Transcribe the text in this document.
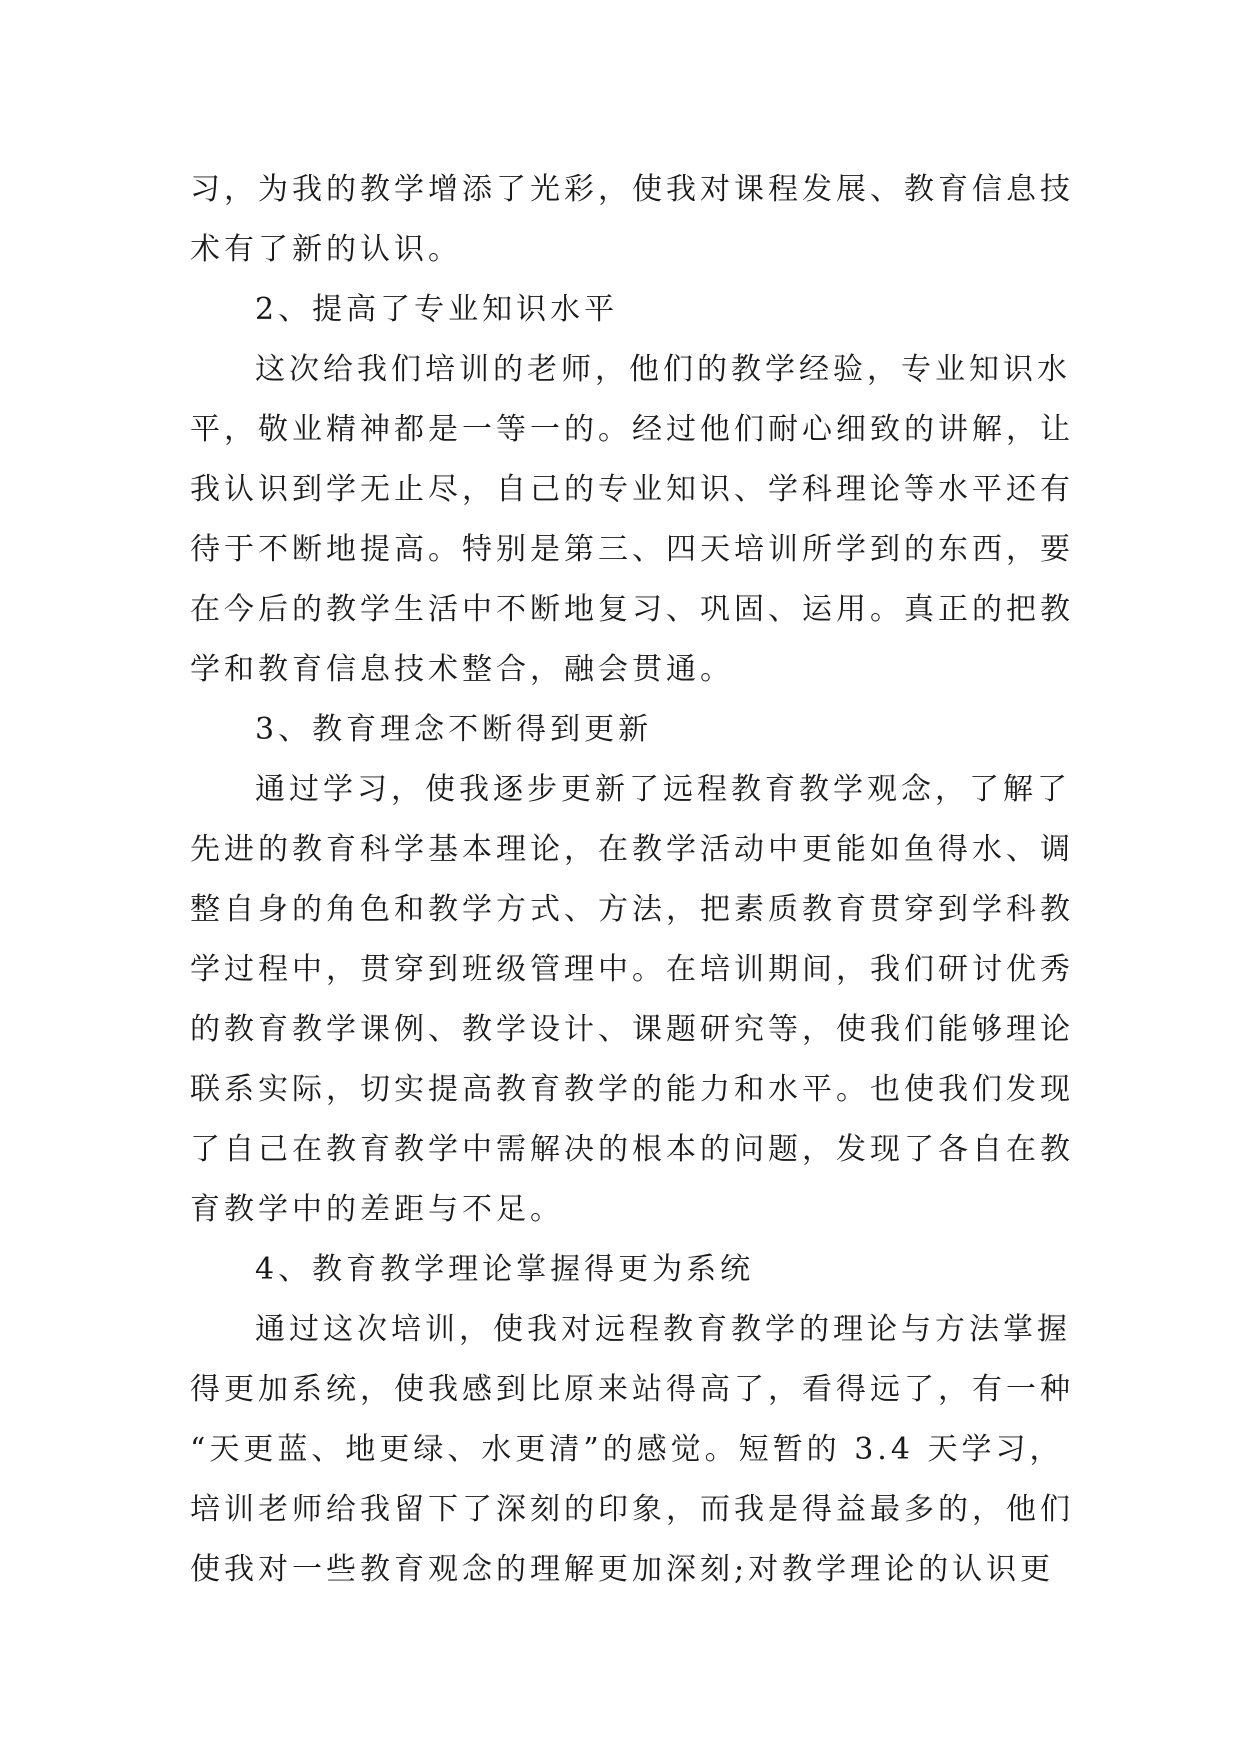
习，为我的教学增添了光彩，使我对课程发展、教育信息技
术有了新的认识。
2、提高了专业知识水平
这次给我们培训的老师，他们的教学经验，专业知识水
平，敬业精神都是一等一的。经过他们耐心细致的讲解，让
我认识到学无止尽，自己的专业知识、学科理论等水平还有
待于不断地提高。特别是第三、四天培训所学到的东西，要
在今后的教学生活中不断地复习、巩固、运用。真正的把教
学和教育信息技术整合，融会贯通。
3、教育理念不断得到更新
通过学习，使我逐步更新了远程教育教学观念，了解了
先进的教育科学基本理论，在教学活动中更能如鱼得水、调
整自身的角色和教学方式、方法，把素质教育贯穿到学科教
学过程中，贯穿到班级管理中。在培训期间，我们研讨优秀
的教育教学课例、教学设计、课题研究等，使我们能够理论
联系实际，切实提高教育教学的能力和水平。也使我们发现
了自己在教育教学中需解决的根本的问题，发现了各自在教
育教学中的差距与不足。
4、教育教学理论掌握得更为系统
通过这次培训，使我对远程教育教学的理论与方法掌握
得更加系统，使我感到比原来站得高了，看得远了，有一种
“天更蓝、地更绿、水更清”的感觉。短暂的 3.4 天学习，
培训老师给我留下了深刻的印象，而我是得益最多的，他们
使我对一些教育观念的理解更加深刻;对教学理论的认识更
